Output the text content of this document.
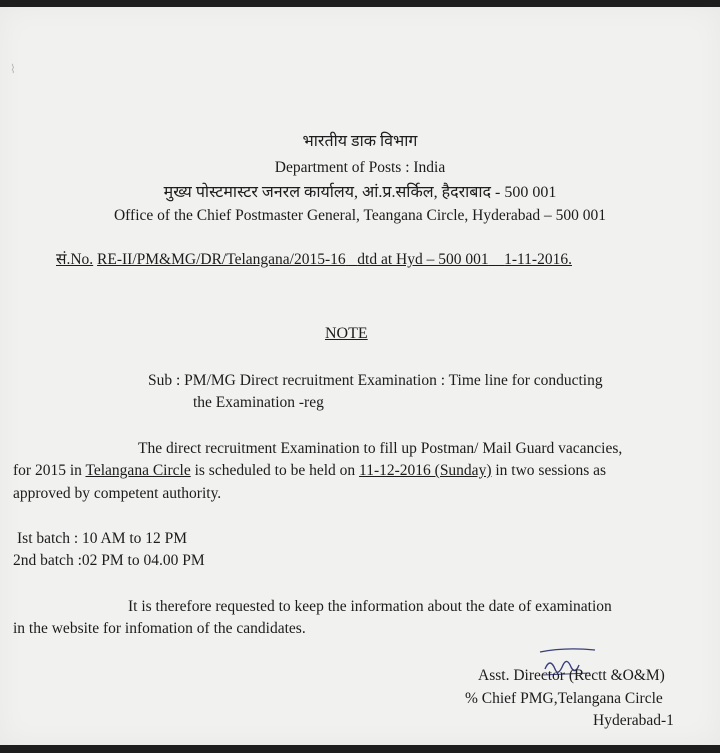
⌇
भारतीय डाक विभाग
Department of Posts : India
मुख्य पोस्टमास्टर जनरल कार्यालय, आं.प्र.सर्किल, हैदराबाद - 500 001
Office of the Chief Postmaster General, Teangana Circle, Hyderabad – 500 001
सं.No. RE-II/PM&MG/DR/Telangana/2015-16 dtd at Hyd – 500 001 1-11-2016.
NOTE
Sub : PM/MG Direct recruitment Examination : Time line for conducting
the Examination -reg
The direct recruitment Examination to fill up Postman/ Mail Guard vacancies,
for 2015 in Telangana Circle is scheduled to be held on 11-12-2016 (Sunday) in two sessions as
approved by competent authority.
Ist batch : 10 AM to 12 PM
2nd batch :02 PM to 04.00 PM
It is therefore requested to keep the information about the date of examination
in the website for infomation of the candidates.
Asst. Director (Rectt &O&M)
% Chief PMG,Telangana Circle
Hyderabad-1
